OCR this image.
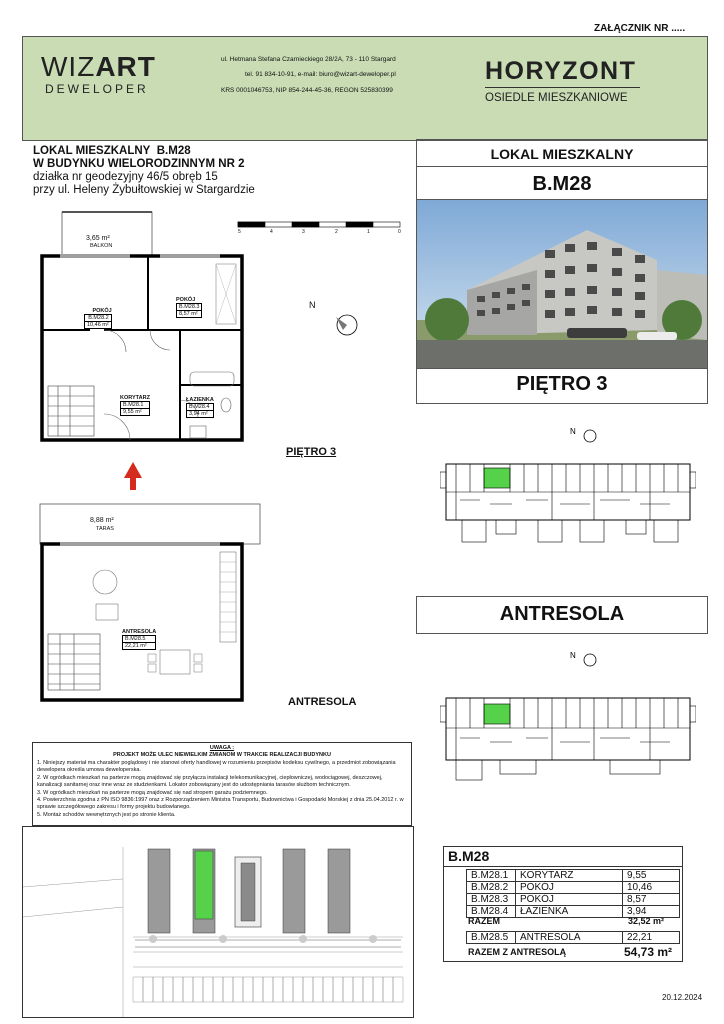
ZAŁĄCZNIK NR .....
WIZART
DEWELOPER
ul. Hetmana Stefana Czarnieckiego 28/2A, 73 - 110 Stargard
tel. 91 834-10-91, e-mail: biuro@wizart-deweloper.pl
KRS 0001046753, NIP 854-244-45-36, REGON 525830399
HORYZONT
OSIEDLE MIESZKANIOWE
LOKAL MIESZKALNY B.M28
W BUDYNKU WIELORODZINNYM NR 2
działka nr geodezyjny 46/5 obręb 15
przy ul. Heleny Żybułtowskiej w Stargardzie
LOKAL MIESZKALNY
B.M28
PIĘTRO 3
ANTRESOLA
N
N
3,65 m²
BALKON
N
5	4	3	2	1	0
POKÓJ
B.M28.2
10,46 m²
POKÓJ
B.M28.3
8,57 m²
KORYTARZ
B.M28.1
9,55 m²
ŁAZIENKA
B.M28.4
3,94 m²
PIĘTRO 3
8,88 m²
TARAS
ANTRESOLA
B.M28.5
22,21 m²
ANTRESOLA
UWAGA :
PROJEKT MOŻE ULEC NIEWIELKIM ZMIANOM W TRAKCIE REALIZACJI BUDYNKU
1. Niniejszy materiał ma charakter poglądowy i nie stanowi oferty handlowej w rozumieniu przepisów kodeksu cywilnego, a przedmiot zobowiązania dewelopera określa umowa deweloperska.
2. W ogródkach mieszkań na parterze mogą znajdować się przyłącza instalacji telekomunikacyjnej, ciepłowniczej, wodociągowej, deszczowej, kanalizacji sanitarnej oraz inne wraz ze studzienkami. Lokator zobowiązany jest do udostępniania tarasów służbom technicznym.
3. W ogródkach mieszkań na parterze mogą znajdować się nad stropem garażu podziemnego.
4. Powierzchnia zgodna z PN ISO 9836:1997 oraz z Rozporządzeniem Ministra Transportu, Budownictwa i Gospodarki Morskiej z dnia 25.04.2012 r. w sprawie szczegółowego zakresu i formy projektu budowlanego.
5. Montaż schodów wewnętrznych jest po stronie klienta.
B.M28
B.M28.1	KORYTARZ	9,55
B.M28.2	POKÓJ	10,46
B.M28.3	POKÓJ	8,57
B.M28.4	ŁAZIENKA	3,94
RAZEM	32,52 m²
B.M28.5	ANTRESOLA	22,21
RAZEM Z ANTRESOLĄ	54,73 m²
20.12.2024
